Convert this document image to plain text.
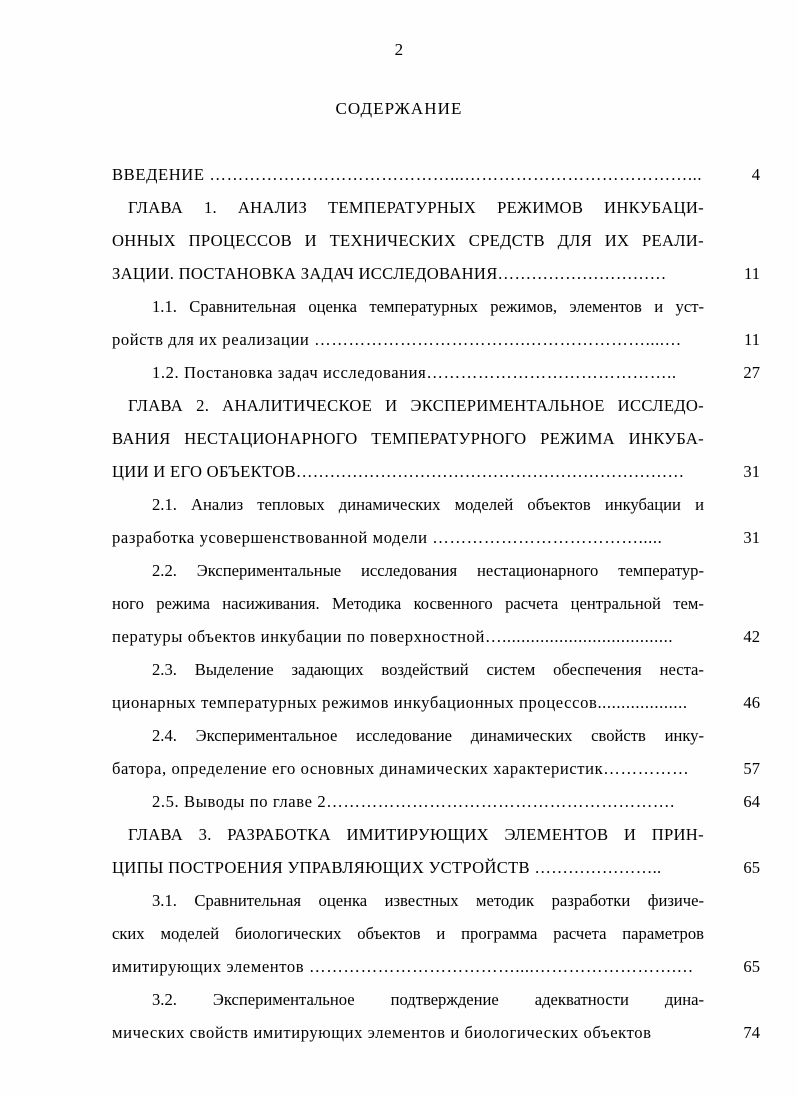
2
СОДЕРЖАНИЕ
ВВЕДЕНИЕ ……………………………………...…………………………………...	4
ГЛАВА 1. АНАЛИЗ ТЕМПЕРАТУРНЫХ РЕЖИМОВ ИНКУБАЦИ-
ОННЫХ ПРОЦЕССОВ И ТЕХНИЧЕСКИХ СРЕДСТВ ДЛЯ ИХ РЕАЛИ-
ЗАЦИИ. ПОСТАНОВКА ЗАДАЧ ИССЛЕДОВАНИЯ…………………………	11
1.1. Сравнительная оценка температурных режимов, элементов и уст-
ройств для их реализации ……………………………….…………………....…	11
1.2. Постановка задач исследования……………………………………..	27
ГЛАВА 2. АНАЛИТИЧЕСКОЕ И ЭКСПЕРИМЕНТАЛЬНОЕ ИССЛЕДО-
ВАНИЯ НЕСТАЦИОНАРНОГО ТЕМПЕРАТУРНОГО РЕЖИМА ИНКУБА-
ЦИИ И ЕГО ОБЪЕКТОВ……………………………………………………………	31
2.1. Анализ тепловых динамических моделей объектов инкубации и
разработка усовершенствованной модели ……………………………….....	31
2.2. Экспериментальные исследования нестационарного температур-
ного режима насиживания. Методика косвенного расчета центральной тем-
пературы объектов инкубации по поверхностной…....................................	42
2.3. Выделение задающих воздействий систем обеспечения неста-
ционарных температурных режимов инкубационных процессов...................	46
2.4. Экспериментальное исследование динамических свойств инку-
батора, определение его основных динамических характеристик……………	57
2.5. Выводы по главе 2…………………………………………………….	64
ГЛАВА 3. РАЗРАБОТКА ИМИТИРУЮЩИХ ЭЛЕМЕНТОВ И ПРИН-
ЦИПЫ ПОСТРОЕНИЯ УПРАВЛЯЮЩИХ УСТРОЙСТВ …………………..	65
3.1. Сравнительная оценка известных методик разработки физиче-
ских моделей биологических объектов и программа расчета параметров
имитирующих элементов ………………………………....…………………….…	65
3.2. Экспериментальное подтверждение адекватности дина-
мических свойств имитирующих элементов и биологических объектов	74
